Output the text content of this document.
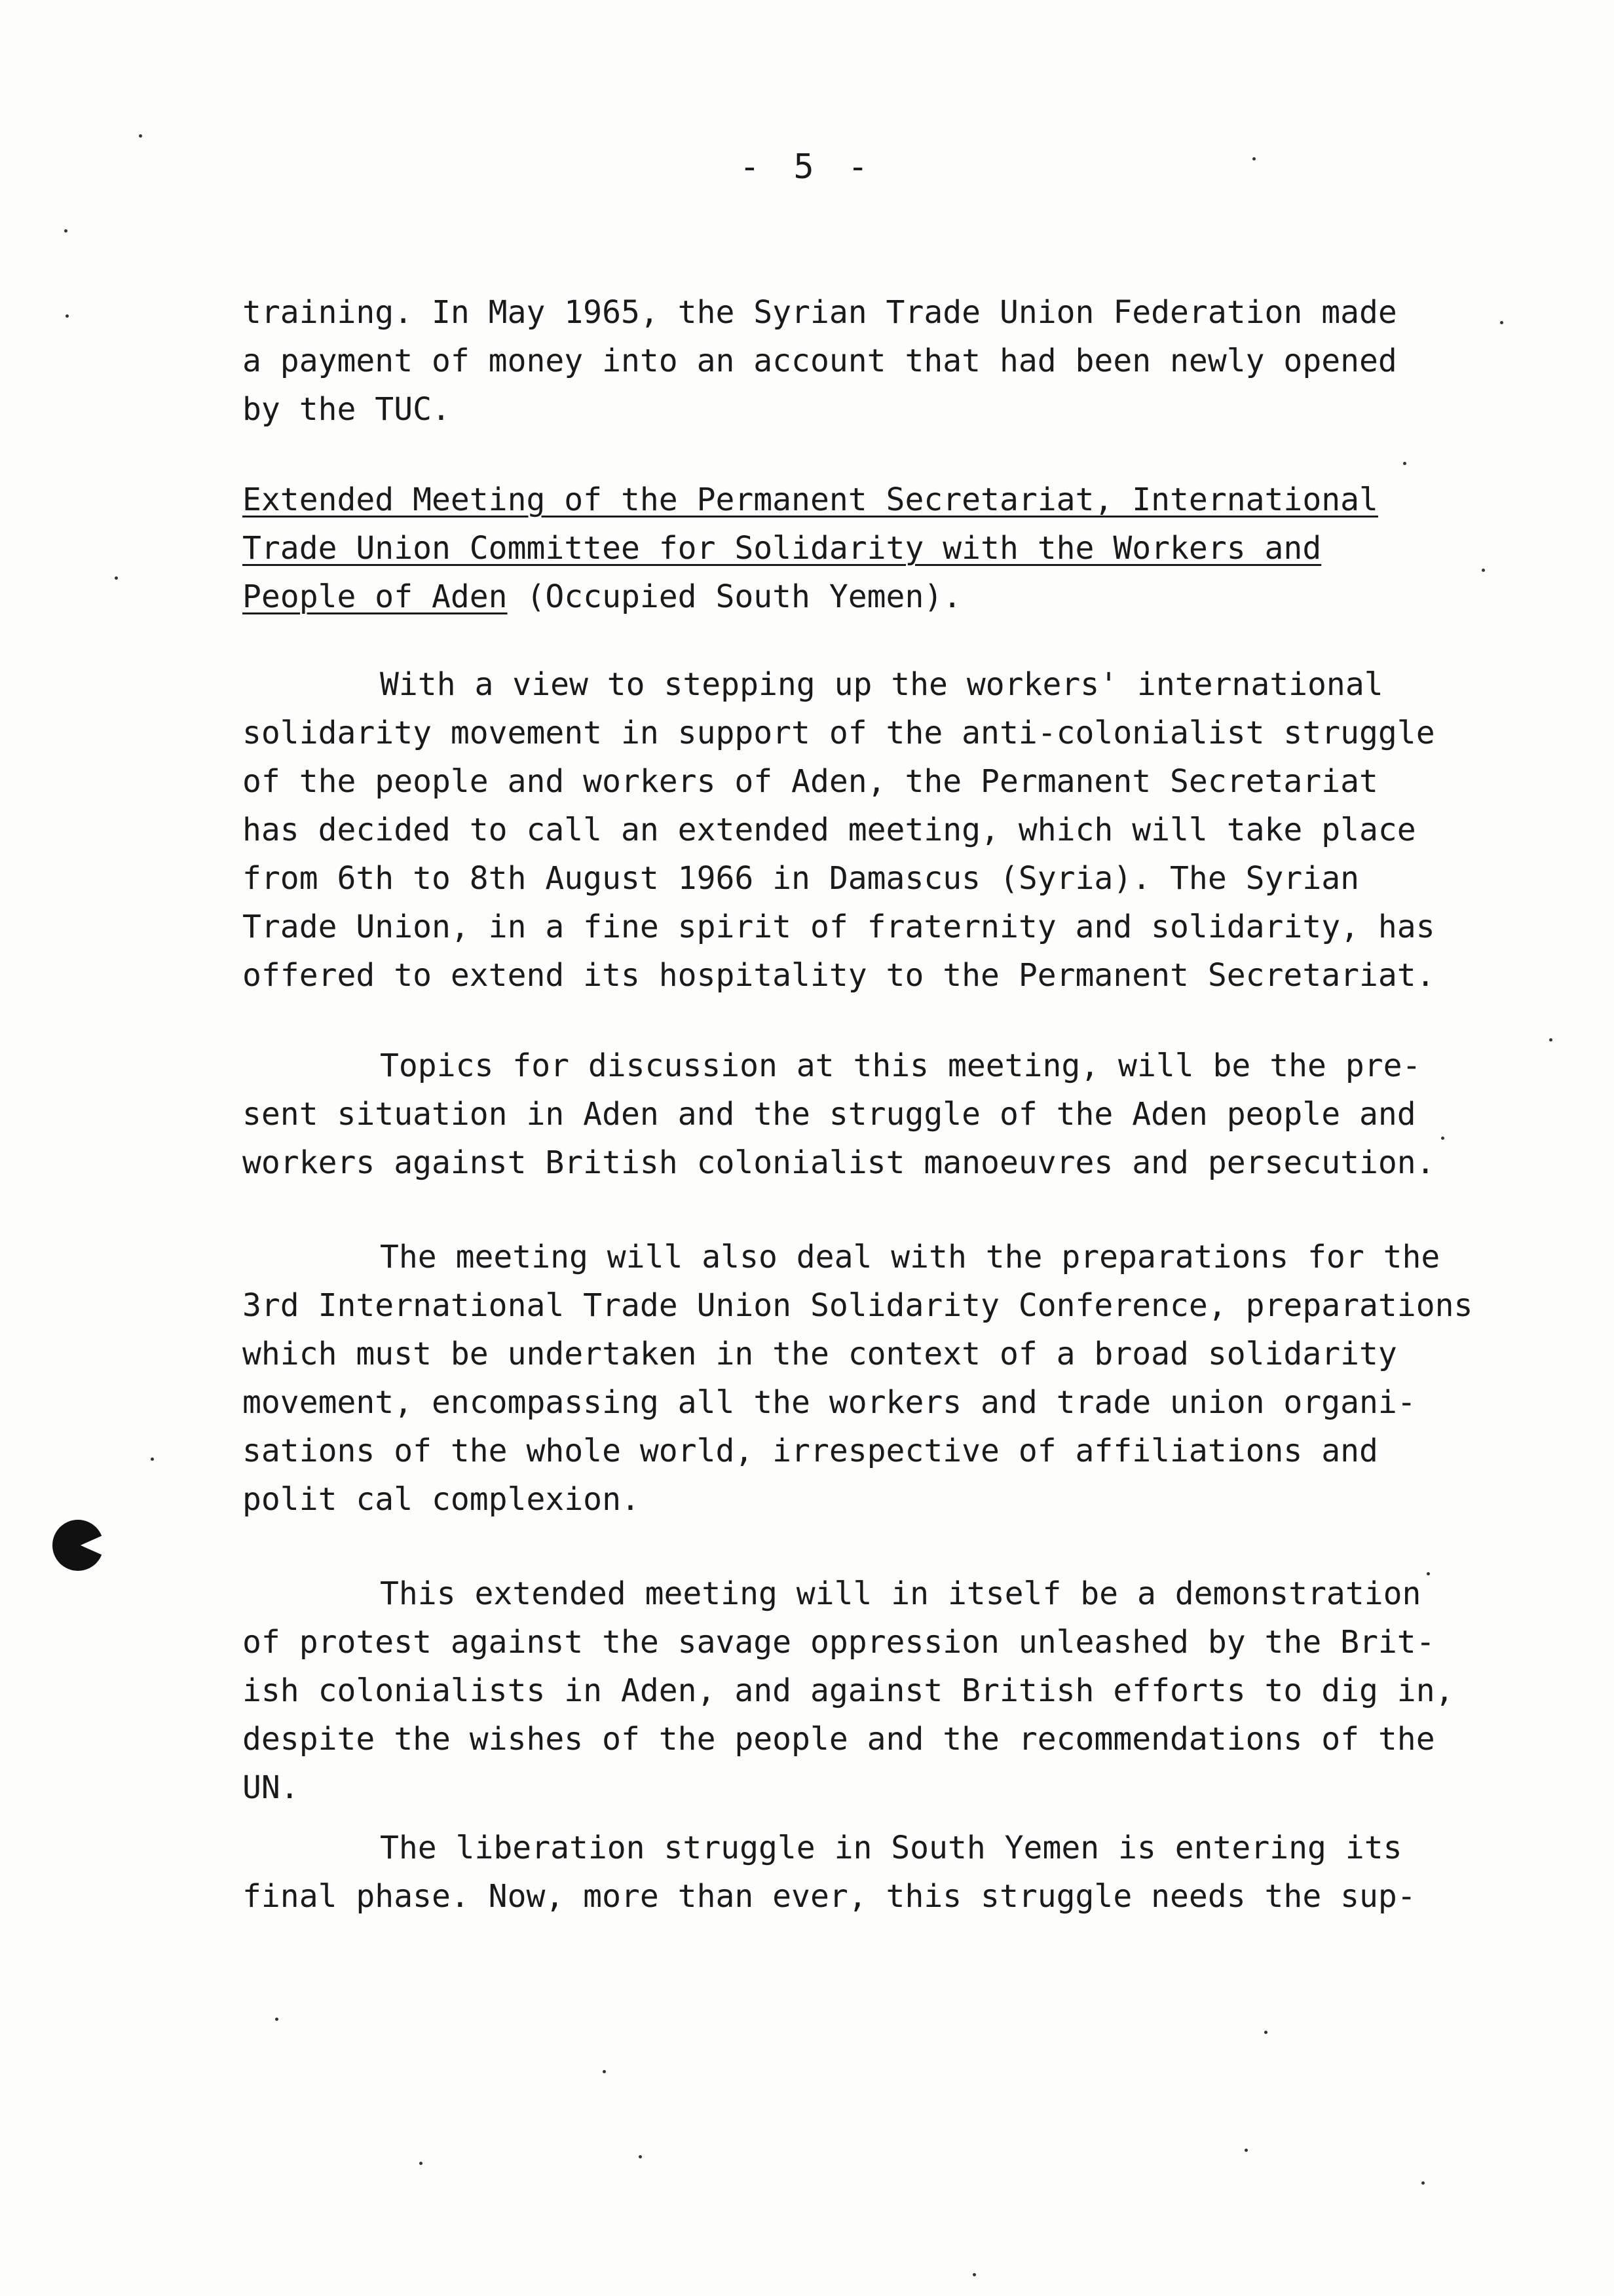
- 5 -

training. In May 1965, the Syrian Trade Union Federation made
a payment of money into an account that had been newly opened
by the TUC.

Extended Meeting of the Permanent Secretariat, International
Trade Union Committee for Solidarity with the Workers and
People of Aden (Occupied South Yemen).

With a view to stepping up the workers' international
solidarity movement in support of the anti-colonialist struggle
of the people and workers of Aden, the Permanent Secretariat
has decided to call an extended meeting, which will take place
from 6th to 8th August 1966 in Damascus (Syria). The Syrian
Trade Union, in a fine spirit of fraternity and solidarity, has
offered to extend its hospitality to the Permanent Secretariat.

Topics for discussion at this meeting, will be the pre-
sent situation in Aden and the struggle of the Aden people and
workers against British colonialist manoeuvres and persecution.

The meeting will also deal with the preparations for the
3rd International Trade Union Solidarity Conference, preparations
which must be undertaken in the context of a broad solidarity
movement, encompassing all the workers and trade union organi-
sations of the whole world, irrespective of affiliations and
polit cal complexion.

This extended meeting will in itself be a demonstration
of protest against the savage oppression unleashed by the Brit-
ish colonialists in Aden, and against British efforts to dig in,
despite the wishes of the people and the recommendations of the
UN.

The liberation struggle in South Yemen is entering its
final phase. Now, more than ever, this struggle needs the sup-
